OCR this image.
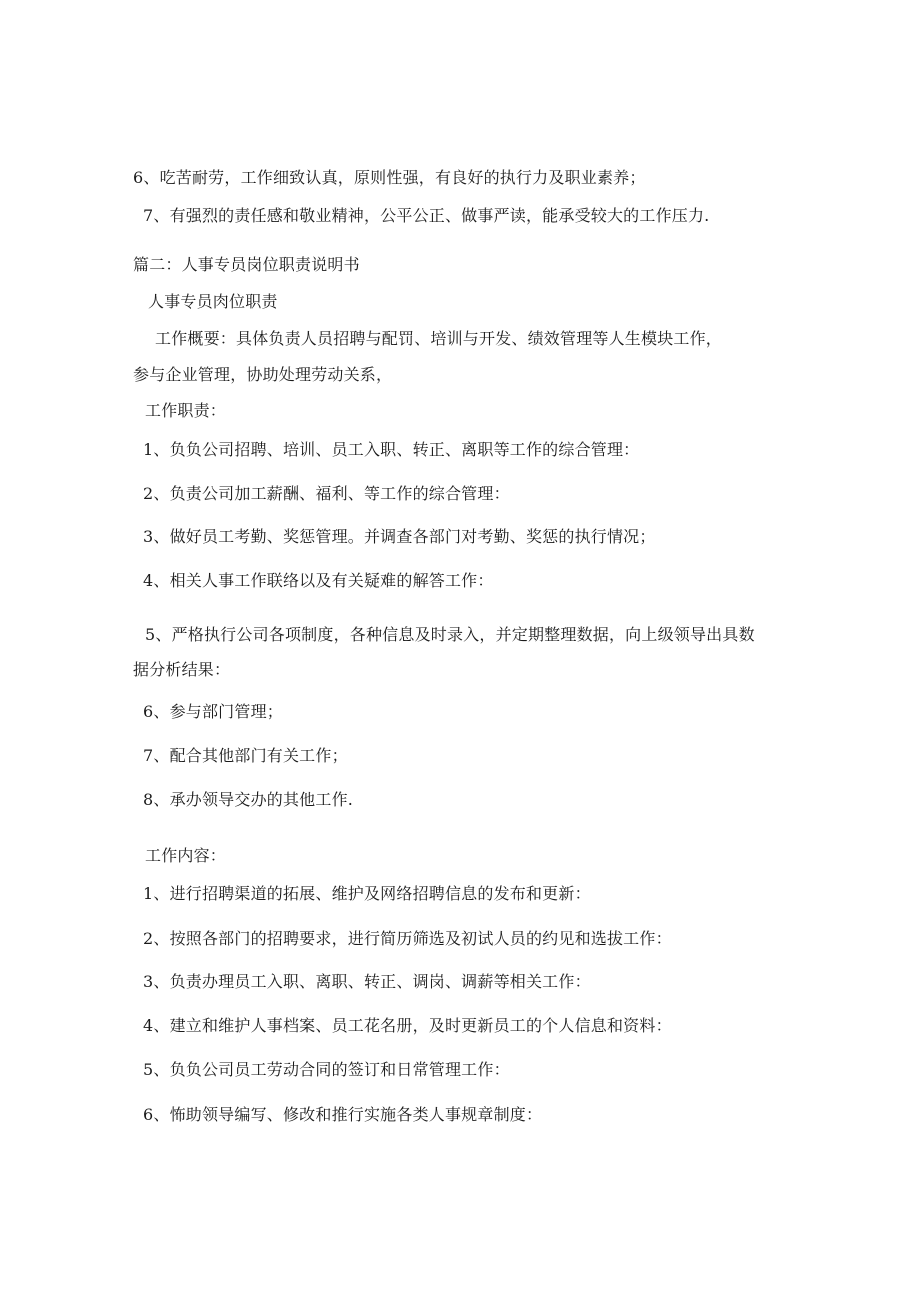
6、吃苦耐劳，工作细致认真，原则性强，有良好的执行力及职业素养；
7、有强烈的责任感和敬业精神，公平公正、做事严读，能承受较大的工作压力.
篇二：人事专员岗位职责说明书
人事专员肉位职责
工作概要：具体负责人员招聘与配罚、培训与开发、绩效管理等人生模块工作，
参与企业管理，协助处理劳动关系，
工作职责：
1、负负公司招聘、培训、员工入职、转正、离职等工作的综合管理：
2、负责公司加工薪酬、福利、等工作的综合管理：
3、做好员工考勤、奖惩管理。并调查各部门对考勤、奖惩的执行情况；
4、相关人事工作联络以及有关疑难的解答工作：
5、严格执行公司各项制度，各种信息及时录入，并定期整理数据，向上级领导出具数
据分析结果：
6、参与部门管理；
7、配合其他部门有关工作；
8、承办领导交办的其他工作.
工作内容：
1、进行招聘渠道的拓展、维护及网络招聘信息的发布和更新：
2、按照各部门的招聘要求，进行简历筛选及初试人员的约见和选拔工作：
3、负责办理员工入职、离职、转正、调岗、调薪等相关工作：
4、建立和维护人事档案、员工花名册，及时更新员工的个人信息和资料：
5、负负公司员工劳动合同的签订和日常管理工作：
6、怖助领导编写、修改和推行实施各类人事规章制度：
